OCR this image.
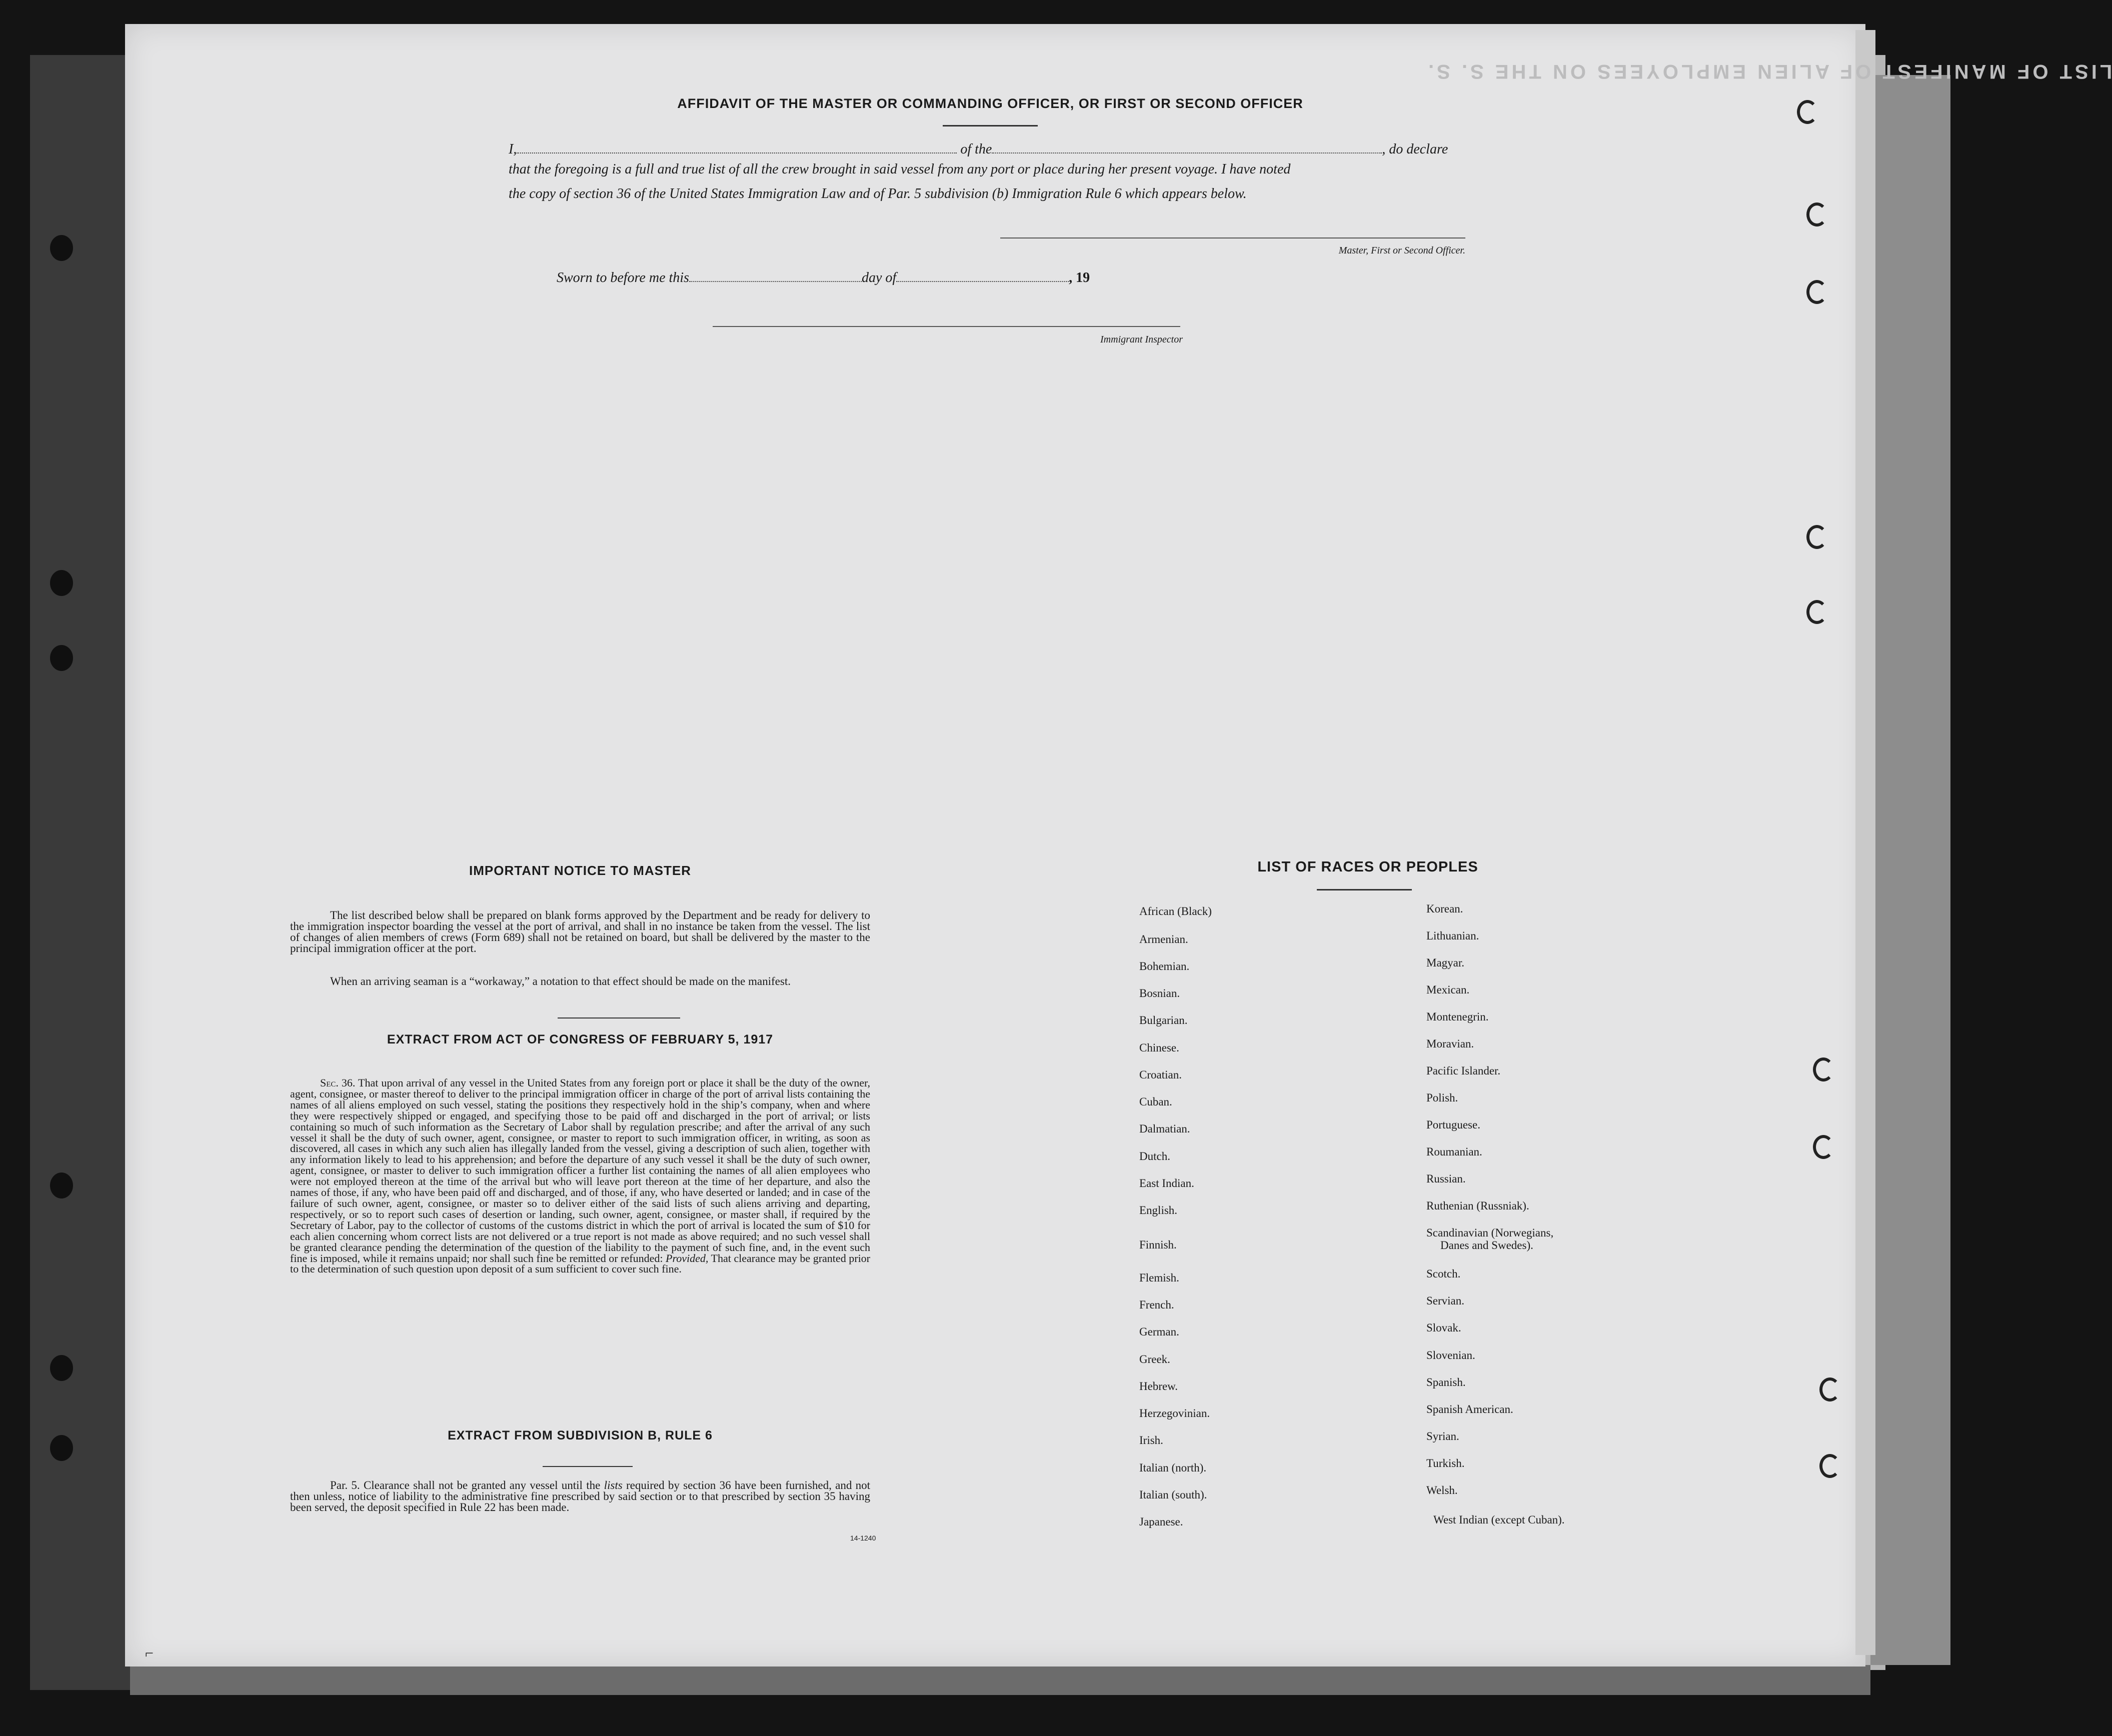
LIST OF MANIFEST OF ALIEN EMPLOYEES ON THE S. S.
AFFIDAVIT OF THE MASTER OR COMMANDING OFFICER, OR FIRST OR SECOND OFFICER
I,	of the	, do declare
that the foregoing is a full and true list of all the crew brought in said vessel from any port or place during her present voyage. I have noted
the copy of section 36 of the United States Immigration Law and of Par. 5 subdivision (b) Immigration Rule 6 which appears below.
Master, First or Second Officer.
Sworn to before me this	day of	, 19
Immigrant Inspector
IMPORTANT NOTICE TO MASTER
The list described below shall be prepared on blank forms approved by the Department and be ready for delivery to the immigration inspector boarding the vessel at the port of arrival, and shall in no instance be taken from the vessel. The list of changes of alien members of crews (Form 689) shall not be retained on board, but shall be delivered by the master to the principal immigration officer at the port.
When an arriving seaman is a “workaway,” a notation to that effect should be made on the manifest.
EXTRACT FROM ACT OF CONGRESS OF FEBRUARY 5, 1917
Sec. 36. That upon arrival of any vessel in the United States from any foreign port or place it shall be the duty of the owner, agent, consignee, or master thereof to deliver to the principal immigration officer in charge of the port of arrival lists containing the names of all aliens employed on such vessel, stating the positions they respectively hold in the ship’s company, when and where they were respectively shipped or engaged, and specifying those to be paid off and discharged in the port of arrival; or lists containing so much of such information as the Secretary of Labor shall by regulation prescribe; and after the arrival of any such vessel it shall be the duty of such owner, agent, consignee, or master to report to such immigration officer, in writing, as soon as discovered, all cases in which any such alien has illegally landed from the vessel, giving a description of such alien, together with any information likely to lead to his apprehension; and before the departure of any such vessel it shall be the duty of such owner, agent, consignee, or master to deliver to such immigration officer a further list containing the names of all alien employees who were not employed thereon at the time of the arrival but who will leave port thereon at the time of her departure, and also the names of those, if any, who have been paid off and discharged, and of those, if any, who have deserted or landed; and in case of the failure of such owner, agent, consignee, or master so to deliver either of the said lists of such aliens arriving and departing, respectively, or so to report such cases of desertion or landing, such owner, agent, consignee, or master shall, if required by the Secretary of Labor, pay to the collector of customs of the customs district in which the port of arrival is located the sum of $10 for each alien concerning whom correct lists are not delivered or a true report is not made as above required; and no such vessel shall be granted clearance pending the determination of the question of the liability to the payment of such fine, and, in the event such fine is imposed, while it remains unpaid; nor shall such fine be remitted or refunded: Provided, That clearance may be granted prior to the determination of such question upon deposit of a sum sufficient to cover such fine.
EXTRACT FROM SUBDIVISION B, RULE 6
Par. 5. Clearance shall not be granted any vessel until the lists required by section 36 have been furnished, and not then unless, notice of liability to the administrative fine prescribed by said section or to that prescribed by section 35 having been served, the deposit specified in Rule 22 has been made.
14-1240
LIST OF RACES OR PEOPLES
African (Black)
Armenian.
Bohemian.
Bosnian.
Bulgarian.
Chinese.
Croatian.
Cuban.
Dalmatian.
Dutch.
East Indian.
English.
Finnish.
Flemish.
French.
German.
Greek.
Hebrew.
Herzegovinian.
Irish.
Italian (north).
Italian (south).
Japanese.
Korean.
Lithuanian.
Magyar.
Mexican.
Montenegrin.
Moravian.
Pacific Islander.
Polish.
Portuguese.
Roumanian.
Russian.
Ruthenian (Russniak).
Scandinavian (Norwegians,
Danes and Swedes).
Scotch.
Servian.
Slovak.
Slovenian.
Spanish.
Spanish American.
Syrian.
Turkish.
Welsh.
West Indian (except Cuban).
⌐
